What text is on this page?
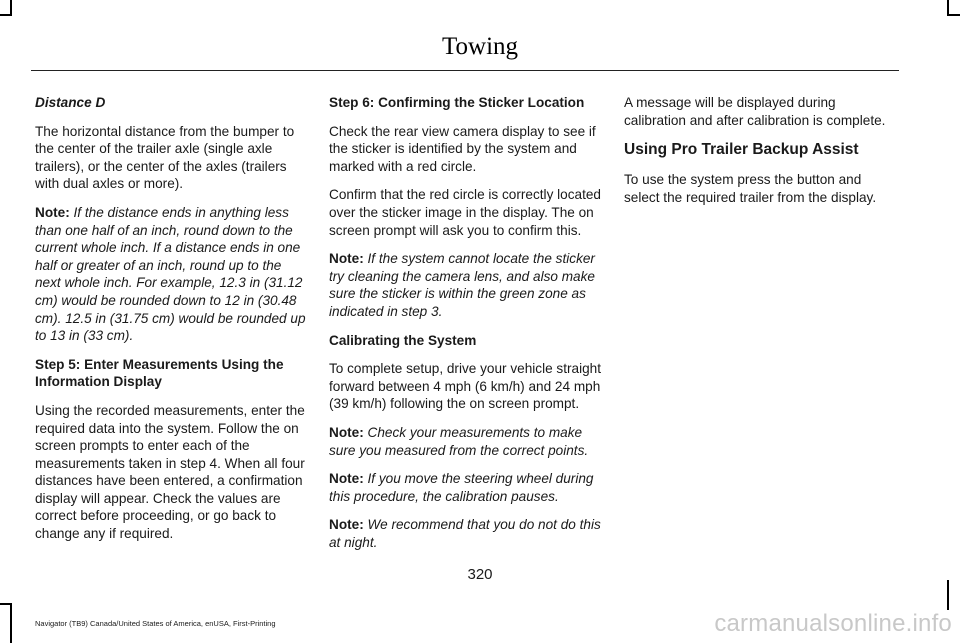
Towing

Distance D

The horizontal distance from the bumper to the center of the trailer axle (single axle trailers), or the center of the axles (trailers with dual axles or more).

Note: If the distance ends in anything less than one half of an inch, round down to the current whole inch. If a distance ends in one half or greater of an inch, round up to the next whole inch. For example, 12.3 in (31.12 cm) would be rounded down to 12 in (30.48 cm). 12.5 in (31.75 cm) would be rounded up to 13 in (33 cm).

Step 5: Enter Measurements Using the Information Display

Using the recorded measurements, enter the required data into the system. Follow the on screen prompts to enter each of the measurements taken in step 4. When all four distances have been entered, a confirmation display will appear. Check the values are correct before proceeding, or go back to change any if required.

Step 6: Confirming the Sticker Location

Check the rear view camera display to see if the sticker is identified by the system and marked with a red circle.

Confirm that the red circle is correctly located over the sticker image in the display. The on screen prompt will ask you to confirm this.

Note: If the system cannot locate the sticker try cleaning the camera lens, and also make sure the sticker is within the green zone as indicated in step 3.

Calibrating the System

To complete setup, drive your vehicle straight forward between 4 mph (6 km/h) and 24 mph (39 km/h) following the on screen prompt.

Note: Check your measurements to make sure you measured from the correct points.

Note: If you move the steering wheel during this procedure, the calibration pauses.

Note: We recommend that you do not do this at night.

A message will be displayed during calibration and after calibration is complete.

Using Pro Trailer Backup Assist

To use the system press the button and select the required trailer from the display.

320
Navigator (TB9) Canada/United States of America, enUSA, First-Printing	carmanualsonline.info
